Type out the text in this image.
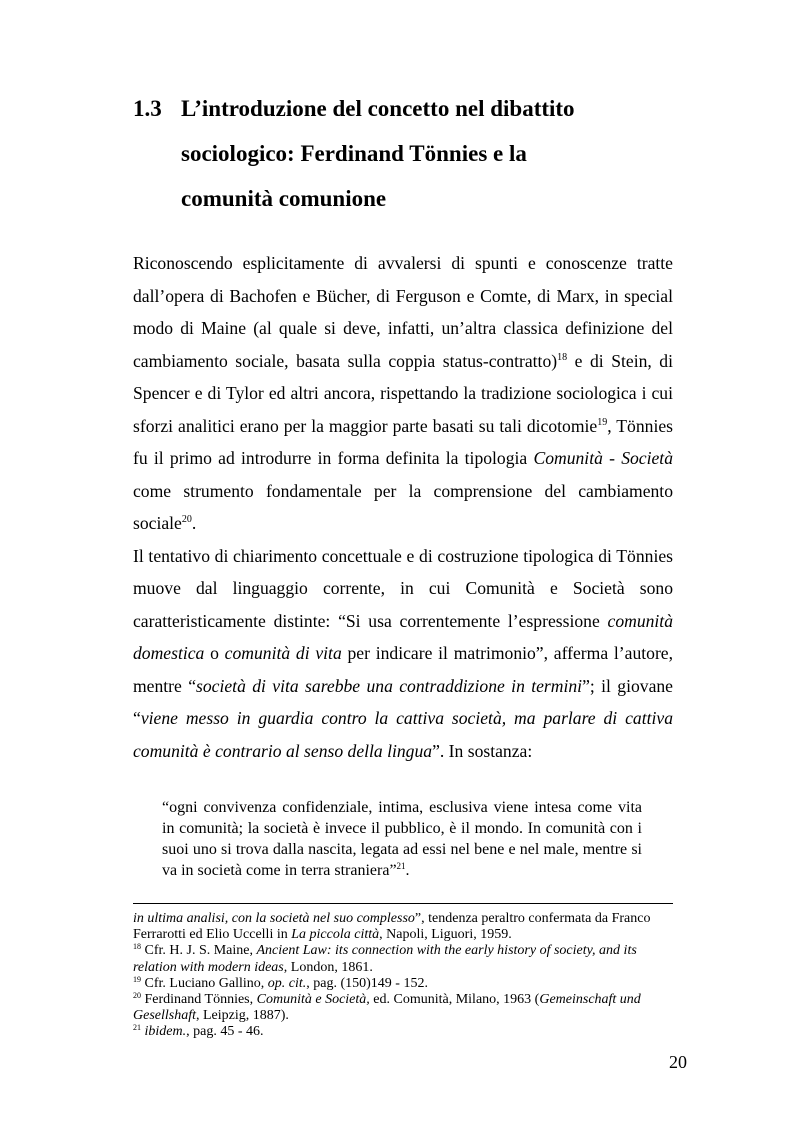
1.3 L’introduzione del concetto nel dibattito
sociologico: Ferdinand Tönnies e la
comunità comunione

Riconoscendo esplicitamente di avvalersi di spunti e conoscenze tratte dall’opera di Bachofen e Bücher, di Ferguson e Comte, di Marx, in special modo di Maine (al quale si deve, infatti, un’altra classica definizione del cambiamento sociale, basata sulla coppia status-contratto)$^{18}$ e di Stein, di Spencer e di Tylor ed altri ancora, rispettando la tradizione sociologica i cui sforzi analitici erano per la maggior parte basati su tali dicotomie$^{19}$, Tönnies fu il primo ad introdurre in forma definita la tipologia Comunità - Società come strumento fondamentale per la comprensione del cambiamento sociale$^{20}$.

Il tentativo di chiarimento concettuale e di costruzione tipologica di Tönnies muove dal linguaggio corrente, in cui Comunità e Società sono caratteristicamente distinte: “Si usa correntemente l’espressione comunità domestica o comunità di vita per indicare il matrimonio”, afferma l’autore, mentre “società di vita sarebbe una contraddizione in termini”; il giovane “viene messo in guardia contro la cattiva società, ma parlare di cattiva comunità è contrario al senso della lingua”. In sostanza:

“ogni convivenza confidenziale, intima, esclusiva viene intesa come vita in comunità; la società è invece il pubblico, è il mondo. In comunità con i suoi uno si trova dalla nascita, legata ad essi nel bene e nel male, mentre si va in società come in terra straniera”$^{21}$.
in ultima analisi, con la società nel suo complesso”, tendenza peraltro confermata da Franco Ferrarotti ed Elio Uccelli in La piccola città, Napoli, Liguori, 1959.
$^{18}$ Cfr. H. J. S. Maine, Ancient Law: its connection with the early history of society, and its relation with modern ideas, London, 1861.
$^{19}$ Cfr. Luciano Gallino, op. cit., pag. (150)149 - 152.
$^{20}$ Ferdinand Tönnies, Comunità e Società, ed. Comunità, Milano, 1963 (Gemeinschaft und Gesellshaft, Leipzig, 1887).
$^{21}$ ibidem., pag. 45 - 46.
20
